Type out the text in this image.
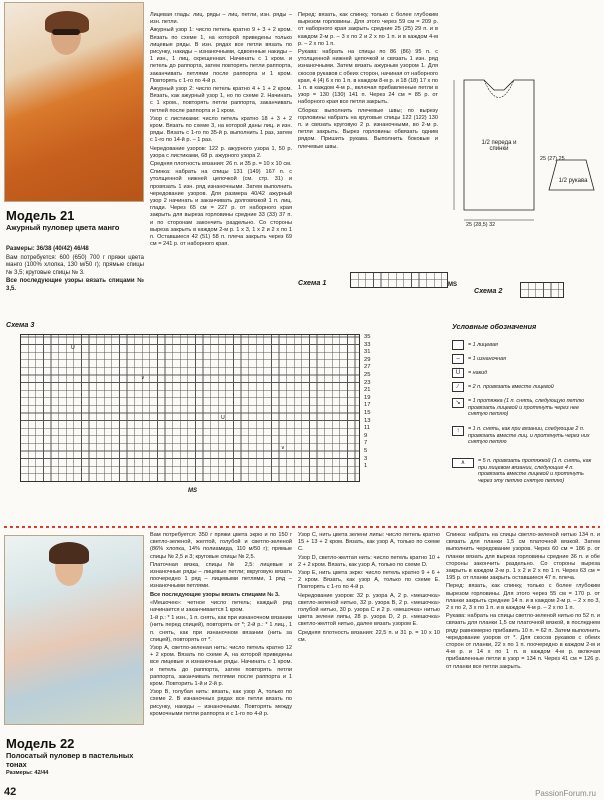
Модель 21
Ажурный пуловер цвета манго

Размеры: 36/38 (40/42) 46/48

Вам потребуется: 600 (650) 700 г пряжи цвета манго (100% хлопка, 130 м/50 г); прямые спицы № 3,5; круговые спицы № 3.

Все последующие узоры вязать спицами № 3,5.

Лицевая гладь: лиц. ряды – лиц. петли, изн. ряды – изн. петли.

Ажурный узор 1: число петель кратно 9 + 3 + 2 кром. Вязать по схеме 1, на которой приведены только лицевые ряды. В изн. рядах все петли вязать по рисунку, накиды – изнаночными, сдвоенные накиды – 1 изн., 1 лиц. скрещенная. Начинать с 1 кром. и петель до раппорта, затем повторять петли раппорта, заканчивать петлями после раппорта и 1 кром. Повторять с 1-го по 4-й р.

Ажурный узор 2: число петель кратно 4 + 1 + 2 кром. Вязать, как ажурный узор 1, но по схеме 2. Начинать с 1 кром., повторять петли раппорта, заканчивать петлей после раппорта и 1 кром.

Узор с листиками: число петель кратно 18 + 3 + 2 кром. Вязать по схеме 3, на которой даны лиц. и изн. ряды. Вязать с 1-го по 35-й р. выполнить 1 раз, затем с 1-го по 14-й р. – 1 раз.

Чередование узоров: 122 р. ажурного узора 1, 50 р. узора с листиками, 68 р. ажурного узора 2.

Средняя плотность вязания: 26 п. и 35 р. = 10 х 10 см.

Спинка: набрать на спицы 131 (149) 167 п. с утолщенной нижней цепочкой (см. стр. 31) и провязать 1 изн. ряд изнаночными. Затем выполнить чередование узоров. Для размера 40/42 ажурный узор 2 начинать и заканчивать долговязкой 1 п. лиц. глади. Через 65 см = 227 р. от наборного края закрыть для выреза горловины средние 33 (33) 37 п. и по сторонам закончить раздельно. Со стороны выреза закрыть в каждом 2-м р. 1 х 3, 1 х 2 и 2 х по 1 п. Оставшиеся 42 (51) 58 п. плеча закрыть через 69 см = 241 р. от наборного края.

Перед: вязать, как спинку, только с более глубоким вырезом горловины. Для этого через 59 см = 209 р. от наборного края закрыть средние 25 (25) 29 п. и в каждом 2-м р. – 3 х по 2 и 2 х по 1 п. и в каждом 4-м р. – 2 х по 1 п.

Рукава: набрать на спицы по 86 (86) 95 п. с утолщенной нижней цепочкой и связать 1 изн. ряд изнаночными. Затем вязать ажурным узором 1. Для скосов рукавов с обеих сторон, начиная от наборного края, 4 (4) 6 х по 1 п. в каждом 8-м р. и 18 (18) 17 х по 1 п. в каждом 4-м р., включая прибавленные петли в узор = 130 (130) 141 п. Через 24 см = 85 р. от наборного края все петли закрыть.

Сборка: выполнить плечевые швы; по вырезу горловины набрать на круговые спицы 122 (122) 130 п. и связать круговую 2 р. изнаночными, во 2-м р. петли закрыть. Вырез горловины обвязать одним рядом. Пришить рукава. Выполнить боковые и плечевые швы.

1/2 переда и спинки
1/2 рукава
25 (28,5) 32
25 (27) 25
Схема 1	MS
Схема 2
Схема 3
U
∨
U
∨
35
33
31
29
27
25
23
21
19
17
15
13
11
9
7
5
3
1
MS
Условные обозначения
= 1 лицевая
–	= 1 изнаночная
U	= накид
∕	= 2 п. провязать вместе лицевой
↘	= 1 протяжка (1 п. снять, следующую петлю провязать лицевой и протянуть через нее снятую петлю)
↑	= 1 п. снять, как при вязании, следующие 2 п. провязать вместе лиц. и протянуть через них снятую петлю
∧	= 5 п. провязать протяжкой (1 п. снять, как при лицевом вязании, следующие 4 п. провязать вместе лицевой и протянуть через эту петлю снятую петлю)
Модель 22
Полосатый пуловер в пастельных тонах

Размеры: 42/44

Вам потребуется: 350 г пряжи цвета экрю и по 150 г светло-зеленой, желтой, голубой и светло-зеленой (86% хлопка, 14% полиамида, 110 м/50 г); прямые спицы № 2,5 и 3; круговые спицы № 2,5.

Платочная вязка, спицы № 2,5: лицевые и изнаночные ряды – лицевые петли; вкруговую вязать поочередно 1 ряд – лицевыми петлями, 1 ряд – изнаночными петлями.

Все последующие узоры вязать спицами № 3.

«Мешочек»: четное число петель; каждый ряд начинается и заканчивается 1 кром.

1-й р.: * 1 изн., 1 п. снять, как при изнаночном вязании (нить перед спицей), повторять от *; 2-й р.: * 1 лиц., 1 п. снять, как при изнаночном вязании (нить за спицей), повторять от *.

Узор А, светло-зеленая нить: число петель кратно 12 + 2 кром. Вязать по схеме А, на которой приведены все лицевые и изнаночные ряды. Начинать с 1 кром. и петель до раппорта, затем повторять петли раппорта, заканчивать петлями после раппорта и 1 кром. Повторить 1-й и 2-й р.

Узор В, голубая нить: вязать, как узор А, только по схеме 2. В изнаночных рядах все петли вязать по рисунку, накиды – изнаночными. Повторять между кромочными петли раппорта и с 1-го по 4-й р.

Узор С, нить цвета зелени липы: число петель кратно 15 + 13 + 2 кром. Вязать, как узор А, только по схеме С.

Узор D, светло-желтая нить: число петель кратно 10 + 2 + 2 кром. Вязать, как узор А, только по схеме D.

Узор Е, нить цвета экрю: число петель кратно 9 + 6 + 2 кром. Вязать, как узор А, только по схеме Е. Повторять с 1-го по 4-й р.

Чередование узоров: 32 р. узора А, 2 р. «мешочка» светло-зеленой нитью, 32 р. узора В, 2 р. «мешочка» голубой нитью, 30 р. узора С и 2 р. «мешочка» нитью цвета зелени липы, 28 р. узора D, 2 р. «мешочка» светло-желтой нитью, далее вязать узором Е.

Средняя плотность вязания: 22,5 п. и 31 р. = 10 х 10 см.

Спинка: набрать на спицы светло-зеленой нитью 134 п. и связать для планки 1,5 см платочной вязкой. Затем выполнить чередование узоров. Через 60 см = 186 р. от планки вязать для выреза горловины средние 36 п. и обе стороны закончить раздельно. Со стороны выреза закрыть в каждом 2-м р. 1 х 2 и 2 х по 1 п. Через 63 см = 195 р. от планки закрыть оставшиеся 47 п. плеча.

Перед: вязать, как спинку, только с более глубоким вырезом горловины. Для этого через 55 см = 170 р. от планки закрыть средние 14 п. и в каждом 2-м р. – 2 х по 3, 2 х по 2, 3 х по 1 п. и в каждом 4-м р. – 2 х по 1 п.

Рукава: набрать на спицы светло-зеленой нитью по 52 п. и связать для планки 1,5 см платочной вязкой, в последнем ряду равномерно прибавить 10 п. = 62 п. Затем выполнить чередование узоров от *. Для скосов рукавов с обеих сторон от планки, 22 х по 1 п. поочередно в каждом 2-м и 4-м р. и 14 х по 1 п. в каждом 4-м р. включая прибавленные петли в узор = 134 п. Через 41 см = 126 р. от планки все петли закрыть.

42	PassionForum.ru
